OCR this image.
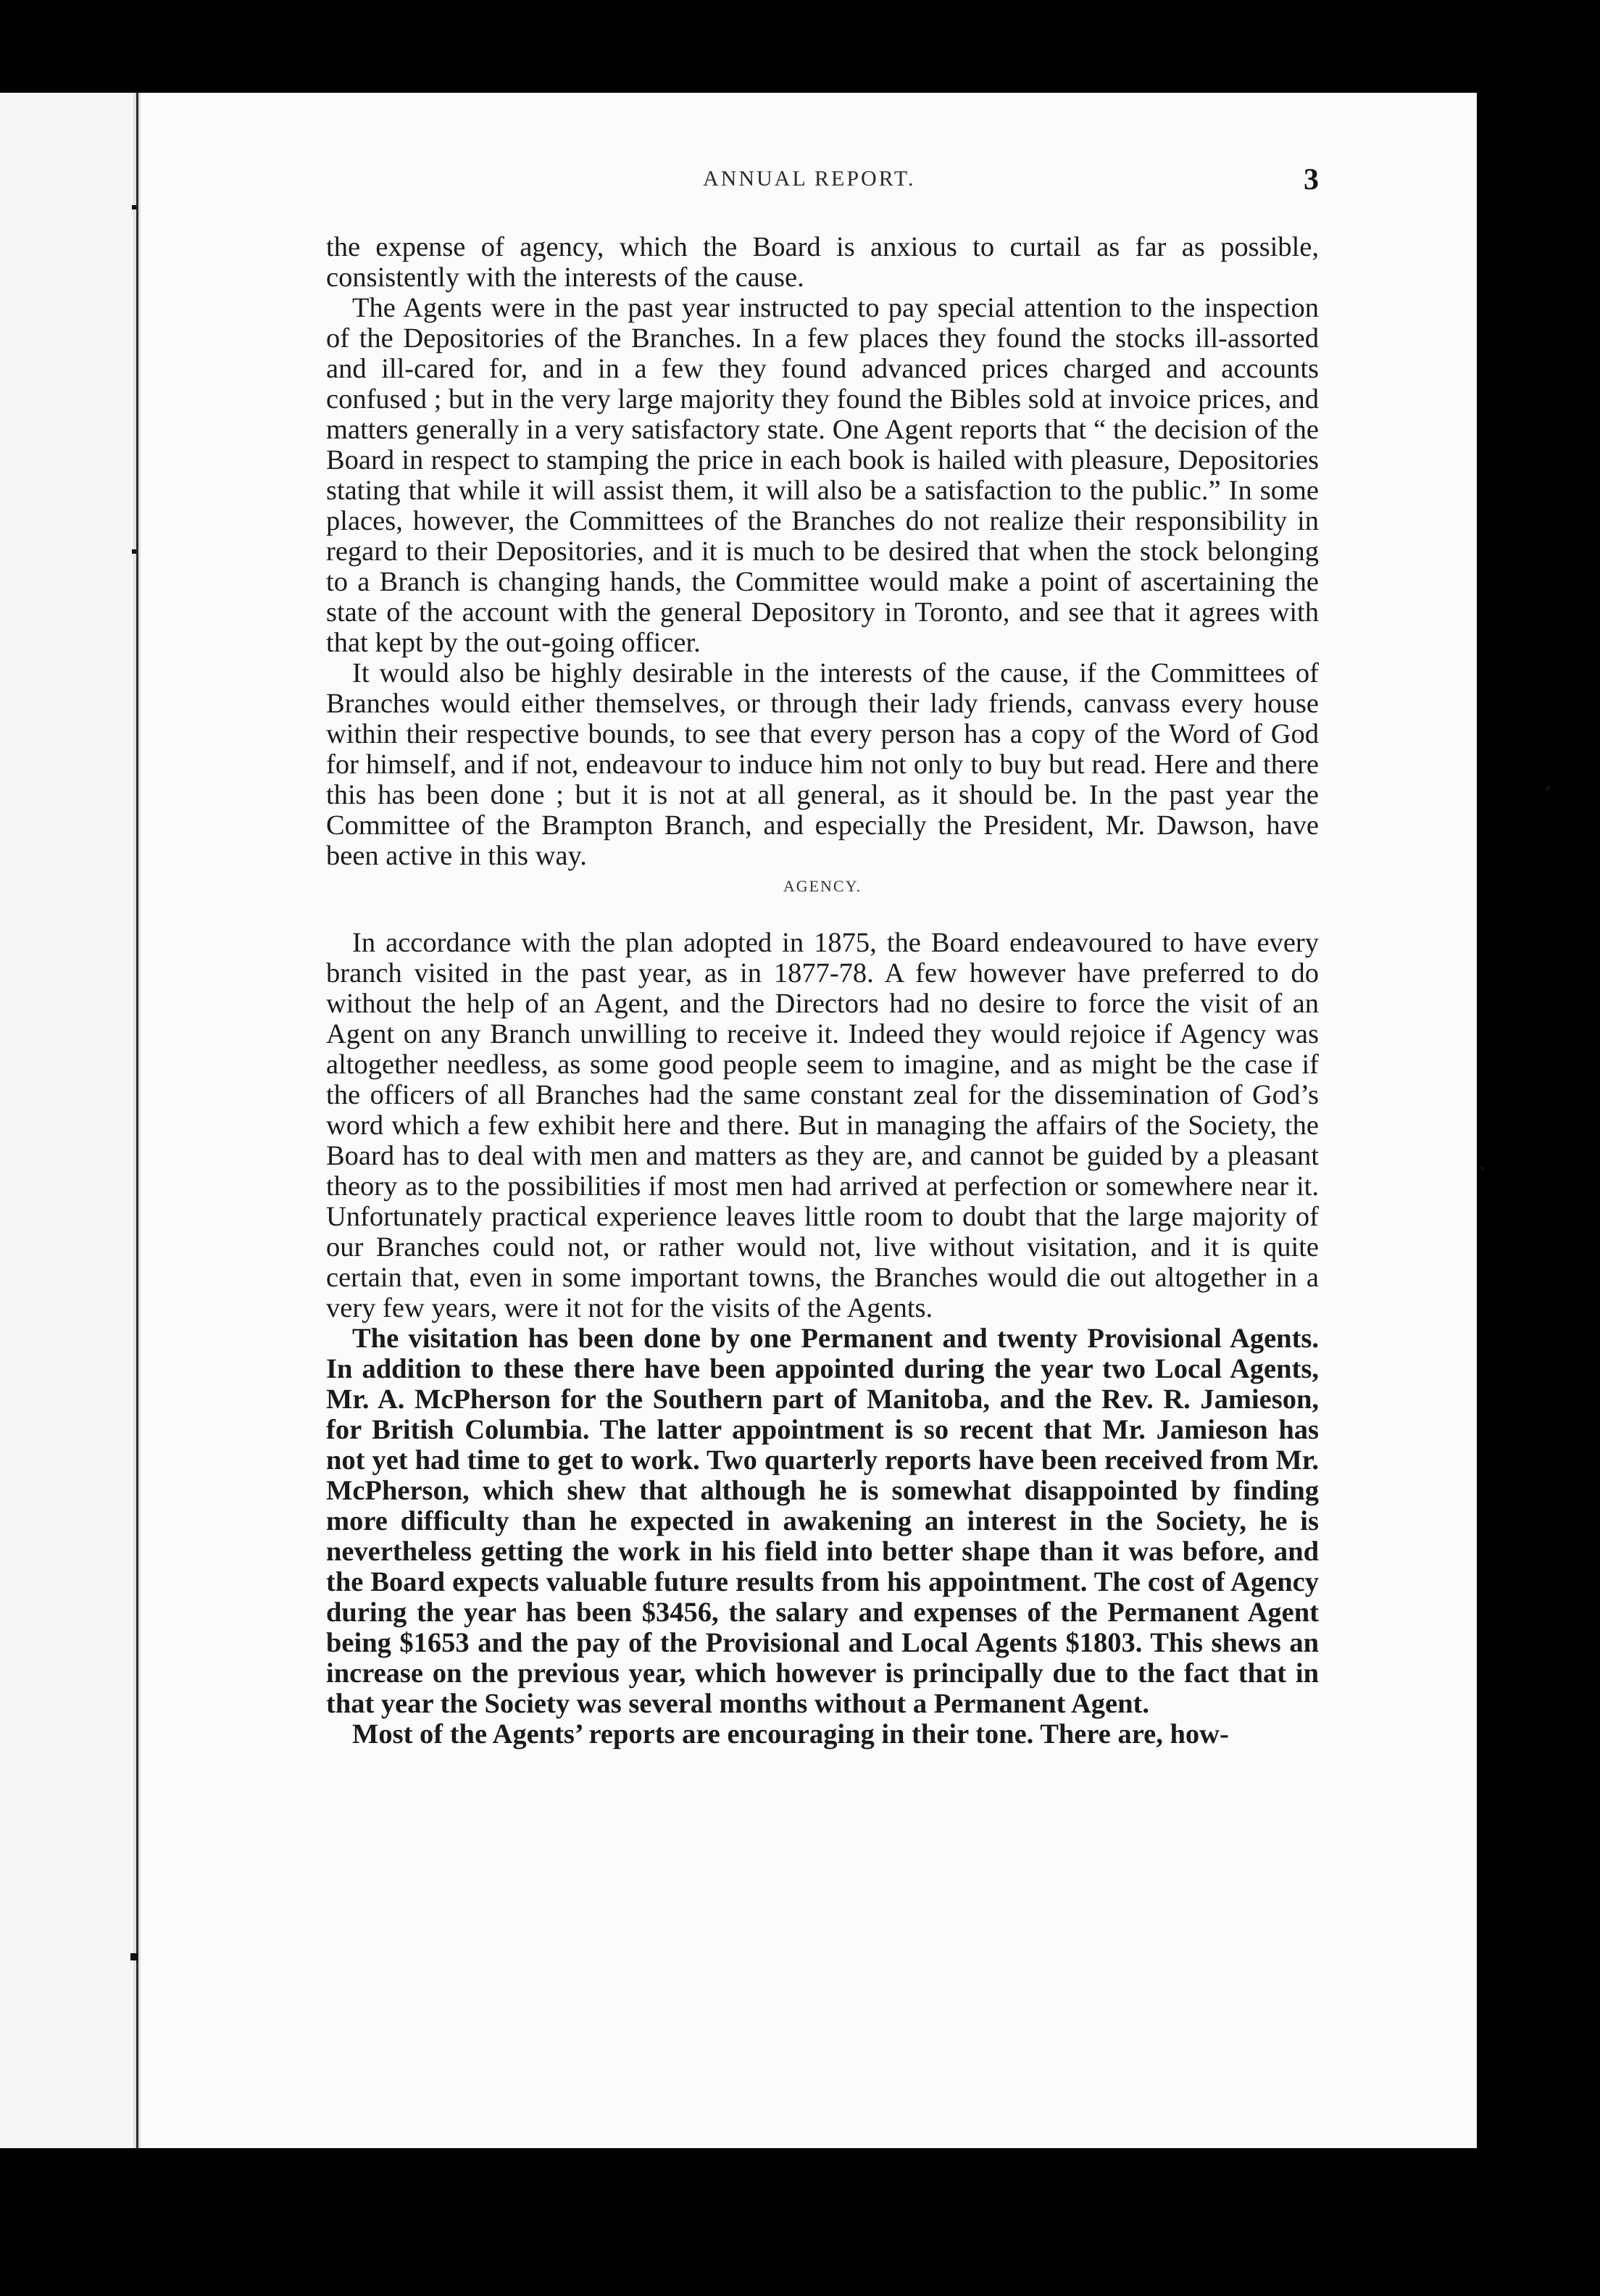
ANNUAL REPORT.	3

the expense of agency, which the Board is anxious to curtail as far as possible, consistently with the interests of the cause.

The Agents were in the past year instructed to pay special attention to the inspection of the Depositories of the Branches. In a few places they found the stocks ill-assorted and ill-cared for, and in a few they found advanced prices charged and accounts confused ; but in the very large majority they found the Bibles sold at invoice prices, and matters generally in a very satisfactory state. One Agent reports that “ the decision of the Board in respect to stamping the price in each book is hailed with pleasure, Depositories stating that while it will assist them, it will also be a satisfaction to the public.” In some places, however, the Committees of the Branches do not realize their responsibility in regard to their Depositories, and it is much to be desired that when the stock belonging to a Branch is changing hands, the Committee would make a point of ascertaining the state of the account with the general Depository in Toronto, and see that it agrees with that kept by the out-going officer.

It would also be highly desirable in the interests of the cause, if the Committees of Branches would either themselves, or through their lady friends, canvass every house within their respective bounds, to see that every person has a copy of the Word of God for himself, and if not, endeavour to induce him not only to buy but read. Here and there this has been done ; but it is not at all general, as it should be. In the past year the Committee of the Brampton Branch, and especially the President, Mr. Dawson, have been active in this way.

AGENCY.

In accordance with the plan adopted in 1875, the Board endeavoured to have every branch visited in the past year, as in 1877-78. A few however have preferred to do without the help of an Agent, and the Directors had no desire to force the visit of an Agent on any Branch unwilling to receive it. Indeed they would rejoice if Agency was altogether needless, as some good people seem to imagine, and as might be the case if the officers of all Branches had the same constant zeal for the dissemination of God’s word which a few exhibit here and there. But in managing the affairs of the Society, the Board has to deal with men and matters as they are, and cannot be guided by a pleasant theory as to the possibilities if most men had arrived at perfection or somewhere near it. Unfortunately practical experience leaves little room to doubt that the large majority of our Branches could not, or rather would not, live without visitation, and it is quite certain that, even in some important towns, the Branches would die out altogether in a very few years, were it not for the visits of the Agents.

The visitation has been done by one Permanent and twenty Provisional Agents. In addition to these there have been appointed during the year two Local Agents, Mr. A. McPherson for the Southern part of Manitoba, and the Rev. R. Jamieson, for British Columbia. The latter appointment is so recent that Mr. Jamieson has not yet had time to get to work. Two quarterly reports have been received from Mr. McPherson, which shew that although he is somewhat disappointed by finding more difficulty than he expected in awakening an interest in the Society, he is nevertheless getting the work in his field into better shape than it was before, and the Board expects valuable future results from his appointment. The cost of Agency during the year has been $3456, the salary and expenses of the Permanent Agent being $1653 and the pay of the Provisional and Local Agents $1803. This shews an increase on the previous year, which however is principally due to the fact that in that year the Society was several months without a Permanent Agent.

Most of the Agents’ reports are encouraging in their tone. There are, how-
